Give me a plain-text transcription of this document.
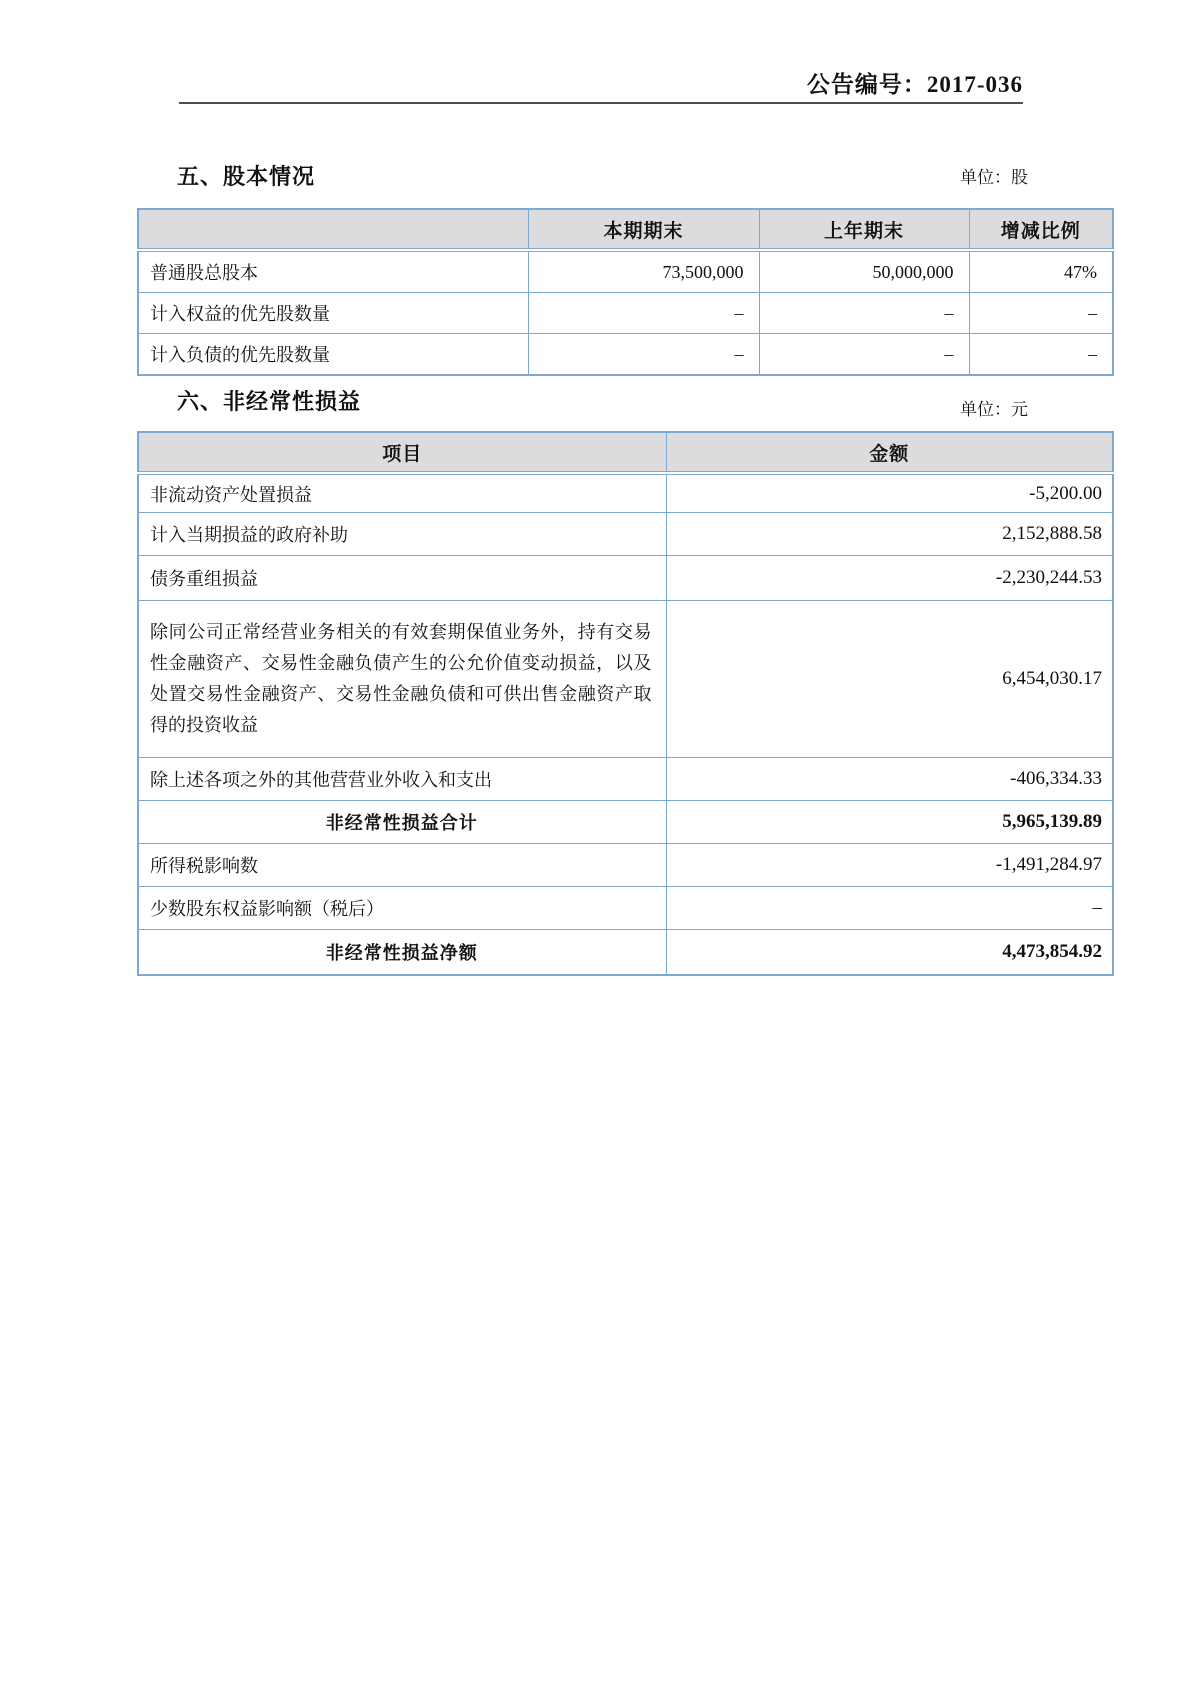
公告编号：2017-036
五、股本情况	单位：股
	本期期末	上年期末	增减比例
普通股总股本	73,500,000	50,000,000	47%
计入权益的优先股数量	–	–	–
计入负债的优先股数量	–	–	–
六、非经常性损益	单位：元
项目	金额
非流动资产处置损益	-5,200.00
计入当期损益的政府补助	2,152,888.58
债务重组损益	-2,230,244.53
除同公司正常经营业务相关的有效套期保值业务外，持有交易性金融资产、交易性金融负债产生的公允价值变动损益，以及处置交易性金融资产、交易性金融负债和可供出售金融资产取得的投资收益	6,454,030.17
除上述各项之外的其他营营业外收入和支出	-406,334.33
非经常性损益合计	5,965,139.89
所得税影响数	-1,491,284.97
少数股东权益影响额（税后）	–
非经常性损益净额	4,473,854.92
